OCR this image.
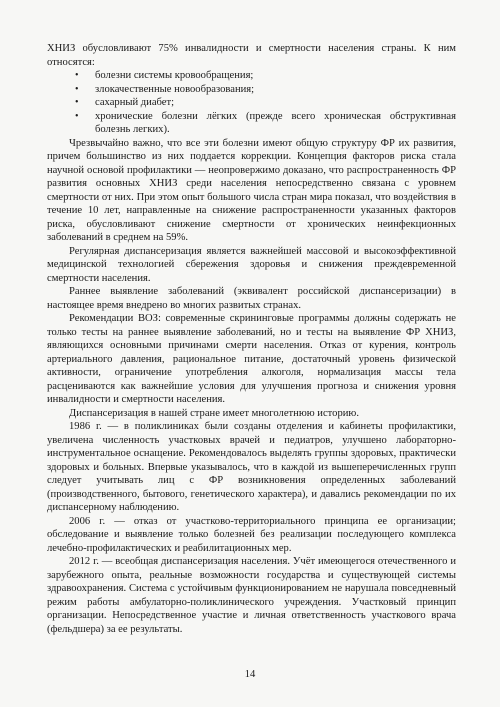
ХНИЗ обусловливают 75% инвалидности и смертности населения страны. К ним относятся:

• болезни системы кровообращения;
• злокачественные новообразования;
• сахарный диабет;
• хронические болезни лёгких (прежде всего хроническая обструктивная болезнь легких).

Чрезвычайно важно, что все эти болезни имеют общую структуру ФР их развития, причем большинство из них поддается коррекции. Концепция факторов риска стала научной основой профилактики — неопровержимо доказано, что распространенность ФР развития основных ХНИЗ среди населения непосредственно связана с уровнем смертности от них. При этом опыт большого числа стран мира показал, что воздействия в течение 10 лет, направленные на снижение распространенности указанных факторов риска, обусловливают снижение смертности от хронических неинфекционных заболеваний в среднем на 59%.

Регулярная диспансеризация является важнейшей массовой и высокоэффективной медицинской технологией сбережения здоровья и снижения преждевременной смертности населения.

Раннее выявление заболеваний (эквивалент российской диспансеризации) в настоящее время внедрено во многих развитых странах.

Рекомендации ВОЗ: современные скрининговые программы должны содержать не только тесты на раннее выявление заболеваний, но и тесты на выявление ФР ХНИЗ, являющихся основными причинами смерти населения. Отказ от курения, контроль артериального давления, рациональное питание, достаточный уровень физической активности, ограничение употребления алкоголя, нормализация массы тела расцениваются как важнейшие условия для улучшения прогноза и снижения уровня инвалидности и смертности населения.

Диспансеризация в нашей стране имеет многолетнюю историю.

1986 г. — в поликлиниках были созданы отделения и кабинеты профилактики, увеличена численность участковых врачей и педиатров, улучшено лабораторно-инструментальное оснащение. Рекомендовалось выделять группы здоровых, практически здоровых и больных. Впервые указывалось, что в каждой из вышеперечисленных групп следует учитывать лиц с ФР возникновения определенных заболеваний (производственного, бытового, генетического характера), и давались рекомендации по их диспансерному наблюдению.

2006 г. — отказ от участково-территориального принципа ее организации; обследование и выявление только болезней без реализации последующего комплекса лечебно-профилактических и реабилитационных мер.

2012 г. — всеобщая диспансеризация населения. Учёт имеющегося отечественного и зарубежного опыта, реальные возможности государства и существующей системы здравоохранения. Система с устойчивым функционированием не нарушала повседневный режим работы амбулаторно-поликлинического учреждения. Участковый принцип организации. Непосредственное участие и личная ответственность участкового врача (фельдшера) за ее результаты.

14
